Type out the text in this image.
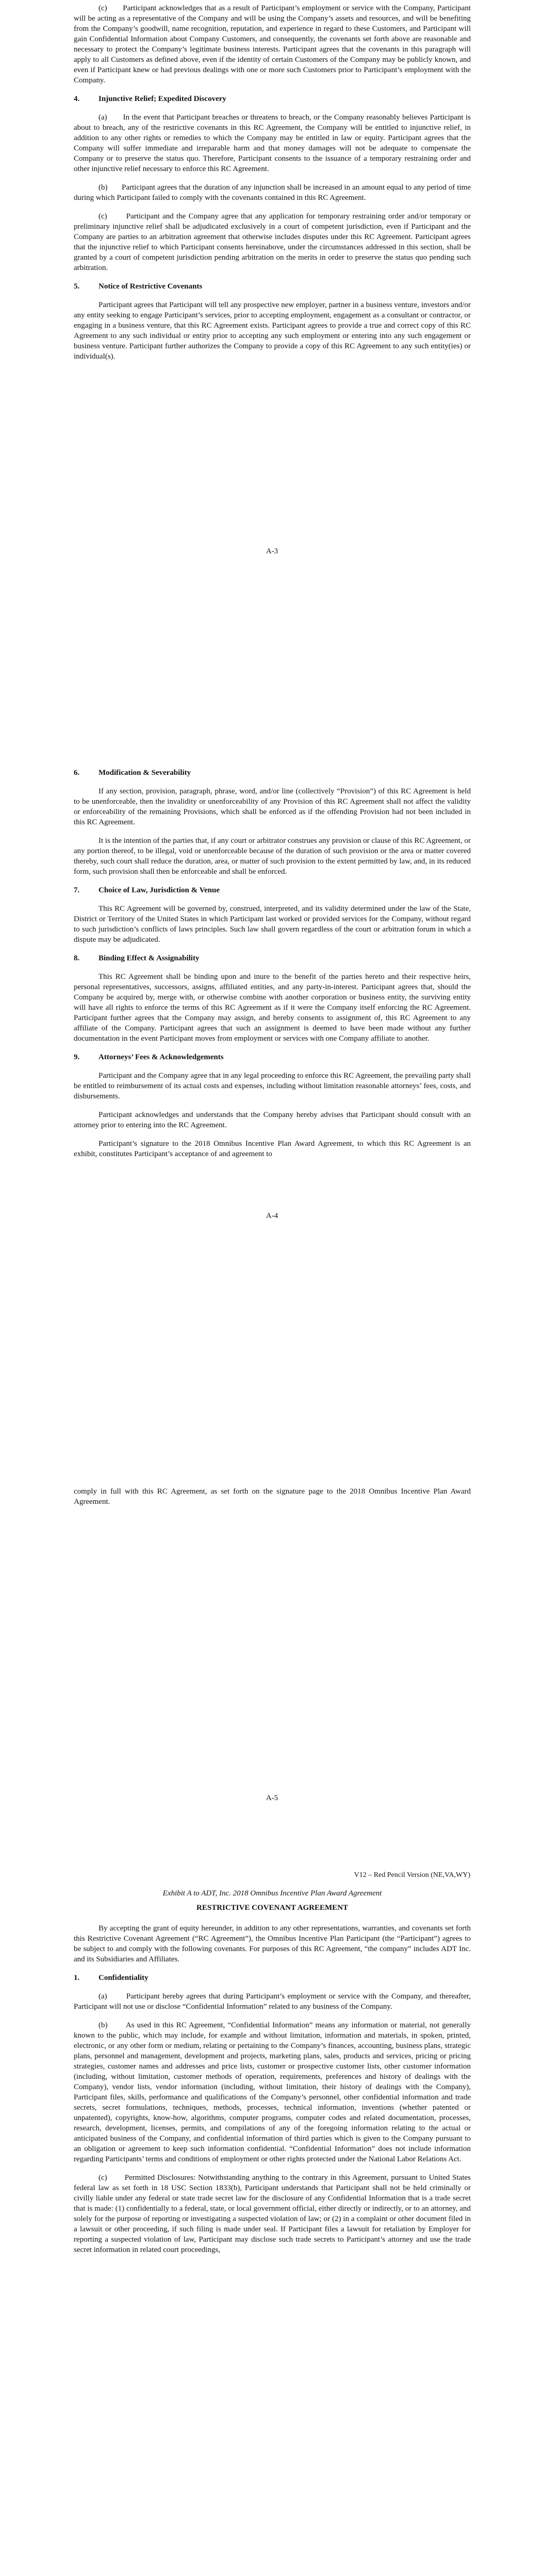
(c)       Participant acknowledges that as a result of Participant’s employment or service with the Company, Participant will be acting as a representative of the Company and will be using the Company’s assets and resources, and will be benefiting from the Company’s goodwill, name recognition, reputation, and experience in regard to these Customers, and Participant will gain Confidential Information about Company Customers, and consequently, the covenants set forth above are reasonable and necessary to protect the Company’s legitimate business interests. Participant agrees that the covenants in this paragraph will apply to all Customers as defined above, even if the identity of certain Customers of the Company may be publicly known, and even if Participant knew or had previous dealings with one or more such Customers prior to Participant’s employment with the Company.

4. Injunctive Relief; Expedited Discovery

(a)       In the event that Participant breaches or threatens to breach, or the Company reasonably believes Participant is about to breach, any of the restrictive covenants in this RC Agreement, the Company will be entitled to injunctive relief, in addition to any other rights or remedies to which the Company may be entitled in law or equity. Participant agrees that the Company will suffer immediate and irreparable harm and that money damages will not be adequate to compensate the Company or to preserve the status quo. Therefore, Participant consents to the issuance of a temporary restraining order and other injunctive relief necessary to enforce this RC Agreement.

(b)       Participant agrees that the duration of any injunction shall be increased in an amount equal to any period of time during which Participant failed to comply with the covenants contained in this RC Agreement.

(c)       Participant and the Company agree that any application for temporary restraining order and/or temporary or preliminary injunctive relief shall be adjudicated exclusively in a court of competent jurisdiction, even if Participant and the Company are parties to an arbitration agreement that otherwise includes disputes under this RC Agreement. Participant agrees that the injunctive relief to which Participant consents hereinabove, under the circumstances addressed in this section, shall be granted by a court of competent jurisdiction pending arbitration on the merits in order to preserve the status quo pending such arbitration.

5. Notice of Restrictive Covenants

Participant agrees that Participant will tell any prospective new employer, partner in a business venture, investors and/or any entity seeking to engage Participant’s services, prior to accepting employment, engagement as a consultant or contractor, or engaging in a business venture, that this RC Agreement exists. Participant agrees to provide a true and correct copy of this RC Agreement to any such individual or entity prior to accepting any such employment or entering into any such engagement or business venture. Participant further authorizes the Company to provide a copy of this RC Agreement to any such entity(ies) or individual(s).

A-3
6. Modification & Severability

If any section, provision, paragraph, phrase, word, and/or line (collectively “Provision”) of this RC Agreement is held to be unenforceable, then the invalidity or unenforceability of any Provision of this RC Agreement shall not affect the validity or enforceability of the remaining Provisions, which shall be enforced as if the offending Provision had not been included in this RC Agreement.

It is the intention of the parties that, if any court or arbitrator construes any provision or clause of this RC Agreement, or any portion thereof, to be illegal, void or unenforceable because of the duration of such provision or the area or matter covered thereby, such court shall reduce the duration, area, or matter of such provision to the extent permitted by law, and, in its reduced form, such provision shall then be enforceable and shall be enforced.

7. Choice of Law, Jurisdiction & Venue

This RC Agreement will be governed by, construed, interpreted, and its validity determined under the law of the State, District or Territory of the United States in which Participant last worked or provided services for the Company, without regard to such jurisdiction’s conflicts of laws principles. Such law shall govern regardless of the court or arbitration forum in which a dispute may be adjudicated.

8. Binding Effect & Assignability

This RC Agreement shall be binding upon and inure to the benefit of the parties hereto and their respective heirs, personal representatives, successors, assigns, affiliated entities, and any party-in-interest. Participant agrees that, should the Company be acquired by, merge with, or otherwise combine with another corporation or business entity, the surviving entity will have all rights to enforce the terms of this RC Agreement as if it were the Company itself enforcing the RC Agreement. Participant further agrees that the Company may assign, and hereby consents to assignment of, this RC Agreement to any affiliate of the Company. Participant agrees that such an assignment is deemed to have been made without any further documentation in the event Participant moves from employment or services with one Company affiliate to another.

9. Attorneys’ Fees & Acknowledgements

Participant and the Company agree that in any legal proceeding to enforce this RC Agreement, the prevailing party shall be entitled to reimbursement of its actual costs and expenses, including without limitation reasonable attorneys’ fees, costs, and disbursements.

Participant acknowledges and understands that the Company hereby advises that Participant should consult with an attorney prior to entering into the RC Agreement.

Participant’s signature to the 2018 Omnibus Incentive Plan Award Agreement, to which this RC Agreement is an exhibit, constitutes Participant’s acceptance of and agreement to

A-4

comply in full with this RC Agreement, as set forth on the signature page to the 2018 Omnibus Incentive Plan Award Agreement.

A-5
V12 – Red Pencil Version (NE,VA,WY)

Exhibit A to ADT, Inc. 2018 Omnibus Incentive Plan Award Agreement

RESTRICTIVE COVENANT AGREEMENT

By accepting the grant of equity hereunder, in addition to any other representations, warranties, and covenants set forth this Restrictive Covenant Agreement (“RC Agreement”), the Omnibus Incentive Plan Participant (the “Participant”) agrees to be subject to and comply with the following covenants. For purposes of this RC Agreement, “the company” includes ADT Inc. and its Subsidiaries and Affiliates.

1. Confidentiality

(a)       Participant hereby agrees that during Participant’s employment or service with the Company, and thereafter, Participant will not use or disclose “Confidential Information” related to any business of the Company.

(b)       As used in this RC Agreement, “Confidential Information” means any information or material, not generally known to the public, which may include, for example and without limitation, information and materials, in spoken, printed, electronic, or any other form or medium, relating or pertaining to the Company’s finances, accounting, business plans, strategic plans, personnel and management, development and projects, marketing plans, sales, products and services, pricing or pricing strategies, customer names and addresses and price lists, customer or prospective customer lists, other customer information (including, without limitation, customer methods of operation, requirements, preferences and history of dealings with the Company), vendor lists, vendor information (including, without limitation, their history of dealings with the Company), Participant files, skills, performance and qualifications of the Company’s personnel, other confidential information and trade secrets, secret formulations, techniques, methods, processes, technical information, inventions (whether patented or unpatented), copyrights, know-how, algorithms, computer programs, computer codes and related documentation, processes, research, development, licenses, permits, and compilations of any of the foregoing information relating to the actual or anticipated business of the Company, and confidential information of third parties which is given to the Company pursuant to an obligation or agreement to keep such information confidential. “Confidential Information” does not include information regarding Participants’ terms and conditions of employment or other rights protected under the National Labor Relations Act.

(c)       Permitted Disclosures: Notwithstanding anything to the contrary in this Agreement, pursuant to United States federal law as set forth in 18 USC Section 1833(b), Participant understands that Participant shall not be held criminally or civilly liable under any federal or state trade secret law for the disclosure of any Confidential Information that is a trade secret that is made: (1) confidentially to a federal, state, or local government official, either directly or indirectly, or to an attorney, and solely for the purpose of reporting or investigating a suspected violation of law; or (2) in a complaint or other document filed in a lawsuit or other proceeding, if such filing is made under seal. If Participant files a lawsuit for retaliation by Employer for reporting a suspected violation of law, Participant may disclose such trade secrets to Participant’s attorney and use the trade secret information in related court proceedings,
